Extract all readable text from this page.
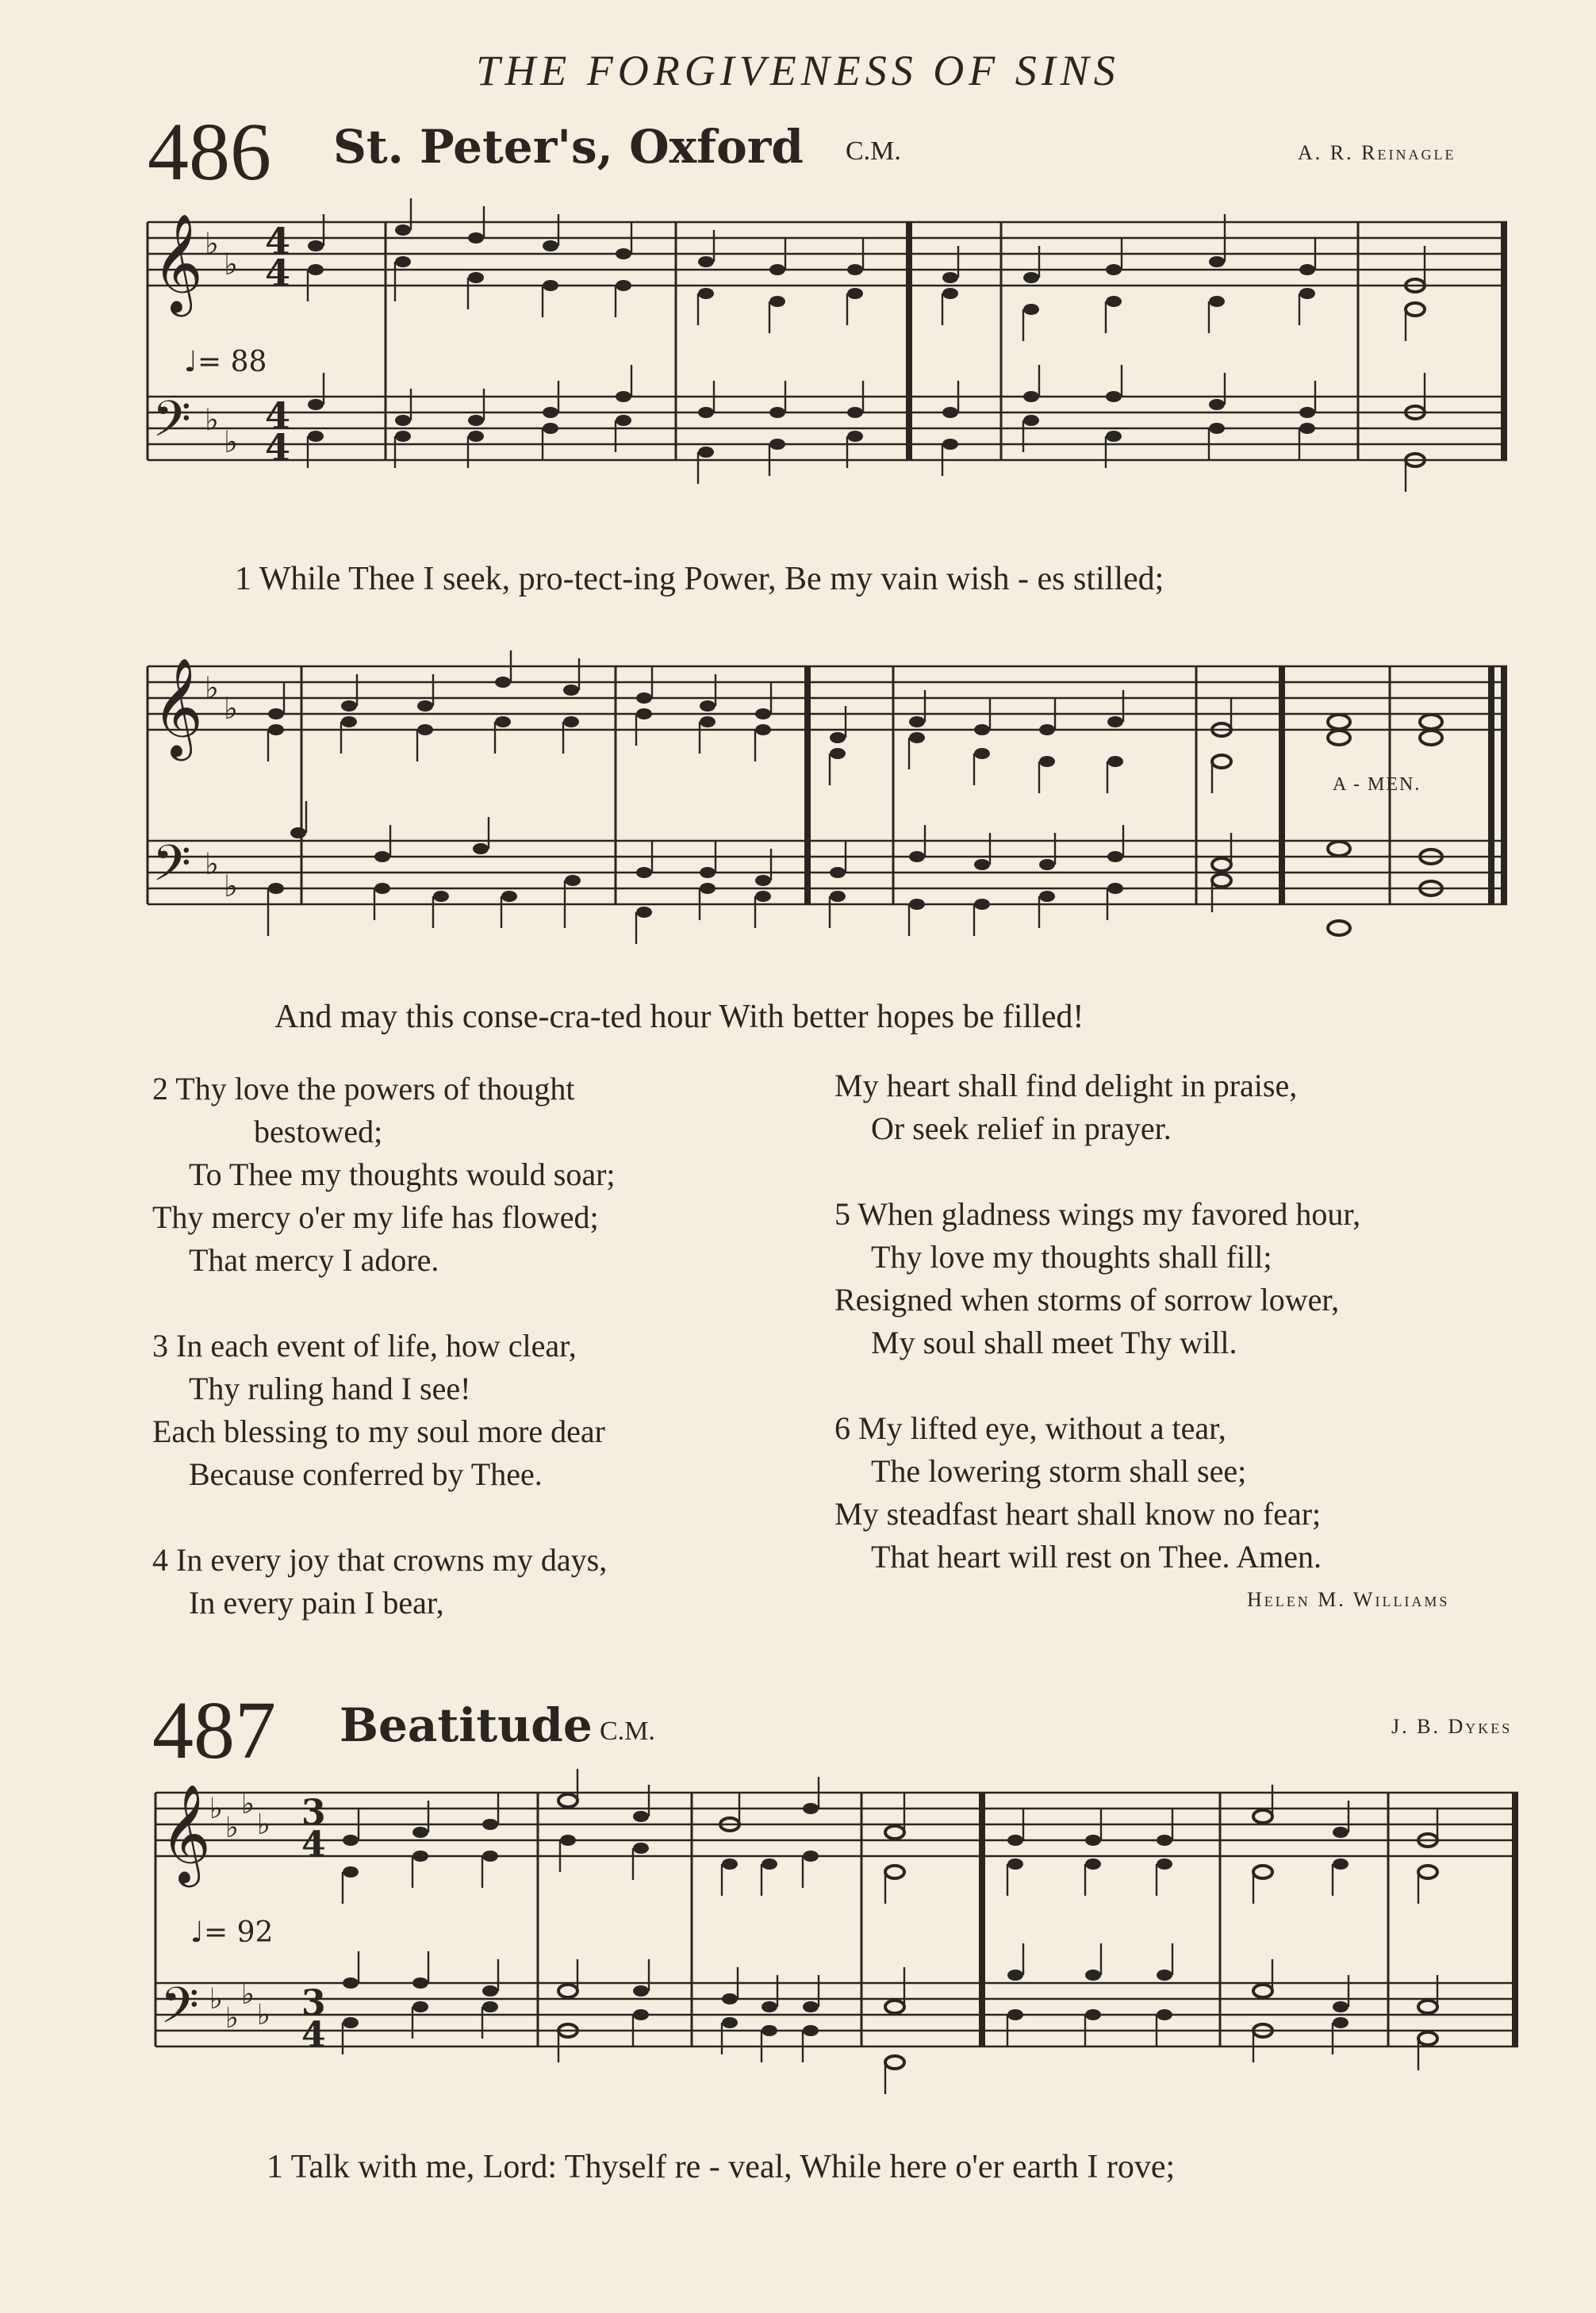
THE FORGIVENESS OF SINS
486 St. Peter's, Oxford C.M.	A. R. Reinagle
𝄞
𝄢
♭
♭
♭
♭
4
4
4
4
♩= 88
1 While Thee I seek, pro-tect-ing Power, Be my vain wish - es stilled;
𝄞
𝄢
♭
♭
♭
♭
A - MEN.
And may this conse-cra-ted hour With better hopes be filled!
2 Thy love the powers of thought
bestowed;
To Thee my thoughts would soar;
Thy mercy o'er my life has flowed;
That mercy I adore.
3 In each event of life, how clear,
Thy ruling hand I see!
Each blessing to my soul more dear
Because conferred by Thee.
4 In every joy that crowns my days,
In every pain I bear,
My heart shall find delight in praise,
Or seek relief in prayer.
5 When gladness wings my favored hour,
Thy love my thoughts shall fill;
Resigned when storms of sorrow lower,
My soul shall meet Thy will.
6 My lifted eye, without a tear,
The lowering storm shall see;
My steadfast heart shall know no fear;
That heart will rest on Thee. Amen.
Helen M. Williams
487 Beatitude C.M.	J. B. Dykes
𝄞
𝄢
♭
♭
♭
♭
♭
♭
♭
♭
3
4
3
4
♩= 92
1 Talk with me, Lord: Thyself re - veal, While here o'er earth I rove;
